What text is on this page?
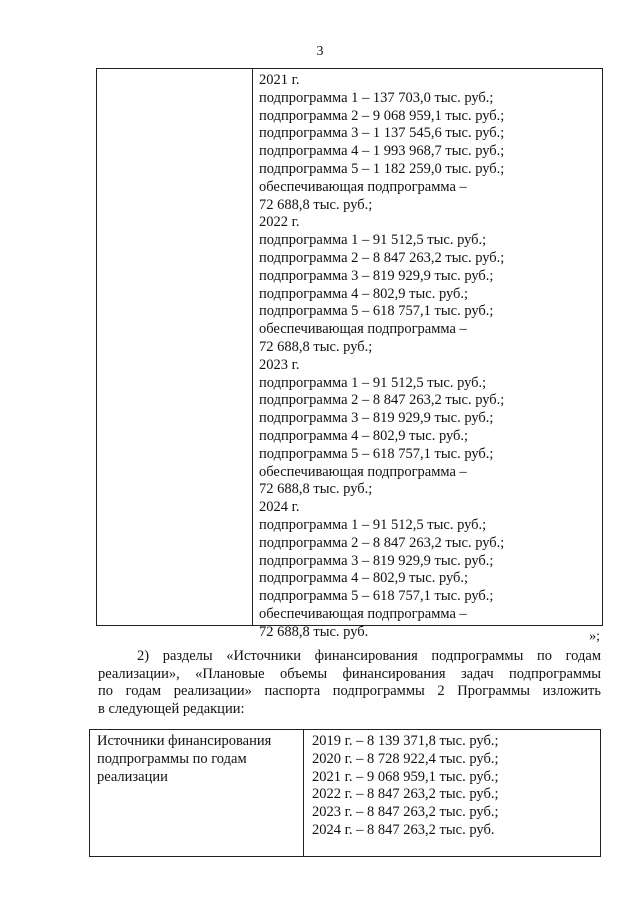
3
2021 г.
подпрограмма 1 – 137 703,0 тыс. руб.;
подпрограмма 2 – 9 068 959,1 тыс. руб.;
подпрограмма 3 – 1 137 545,6 тыс. руб.;
подпрограмма 4 – 1 993 968,7 тыс. руб.;
подпрограмма 5 – 1 182 259,0 тыс. руб.;
обеспечивающая подпрограмма –
72 688,8 тыс. руб.;
2022 г.
подпрограмма 1 – 91 512,5 тыс. руб.;
подпрограмма 2 – 8 847 263,2 тыс. руб.;
подпрограмма 3 – 819 929,9 тыс. руб.;
подпрограмма 4 – 802,9 тыс. руб.;
подпрограмма 5 – 618 757,1 тыс. руб.;
обеспечивающая подпрограмма –
72 688,8 тыс. руб.;
2023 г.
подпрограмма 1 – 91 512,5 тыс. руб.;
подпрограмма 2 – 8 847 263,2 тыс. руб.;
подпрограмма 3 – 819 929,9 тыс. руб.;
подпрограмма 4 – 802,9 тыс. руб.;
подпрограмма 5 – 618 757,1 тыс. руб.;
обеспечивающая подпрограмма –
72 688,8 тыс. руб.;
2024 г.
подпрограмма 1 – 91 512,5 тыс. руб.;
подпрограмма 2 – 8 847 263,2 тыс. руб.;
подпрограмма 3 – 819 929,9 тыс. руб.;
подпрограмма 4 – 802,9 тыс. руб.;
подпрограмма 5 – 618 757,1 тыс. руб.;
обеспечивающая подпрограмма –
72 688,8 тыс. руб.	»;
2) разделы «Источники финансирования подпрограммы по годам
реализации», «Плановые объемы финансирования задач подпрограммы
по годам реализации» паспорта подпрограммы 2 Программы изложить
в следующей редакции:
Источники финансирования
подпрограммы по годам
реализации
2019 г. – 8 139 371,8 тыс. руб.;
2020 г. – 8 728 922,4 тыс. руб.;
2021 г. – 9 068 959,1 тыс. руб.;
2022 г. – 8 847 263,2 тыс. руб.;
2023 г. – 8 847 263,2 тыс. руб.;
2024 г. – 8 847 263,2 тыс. руб.
